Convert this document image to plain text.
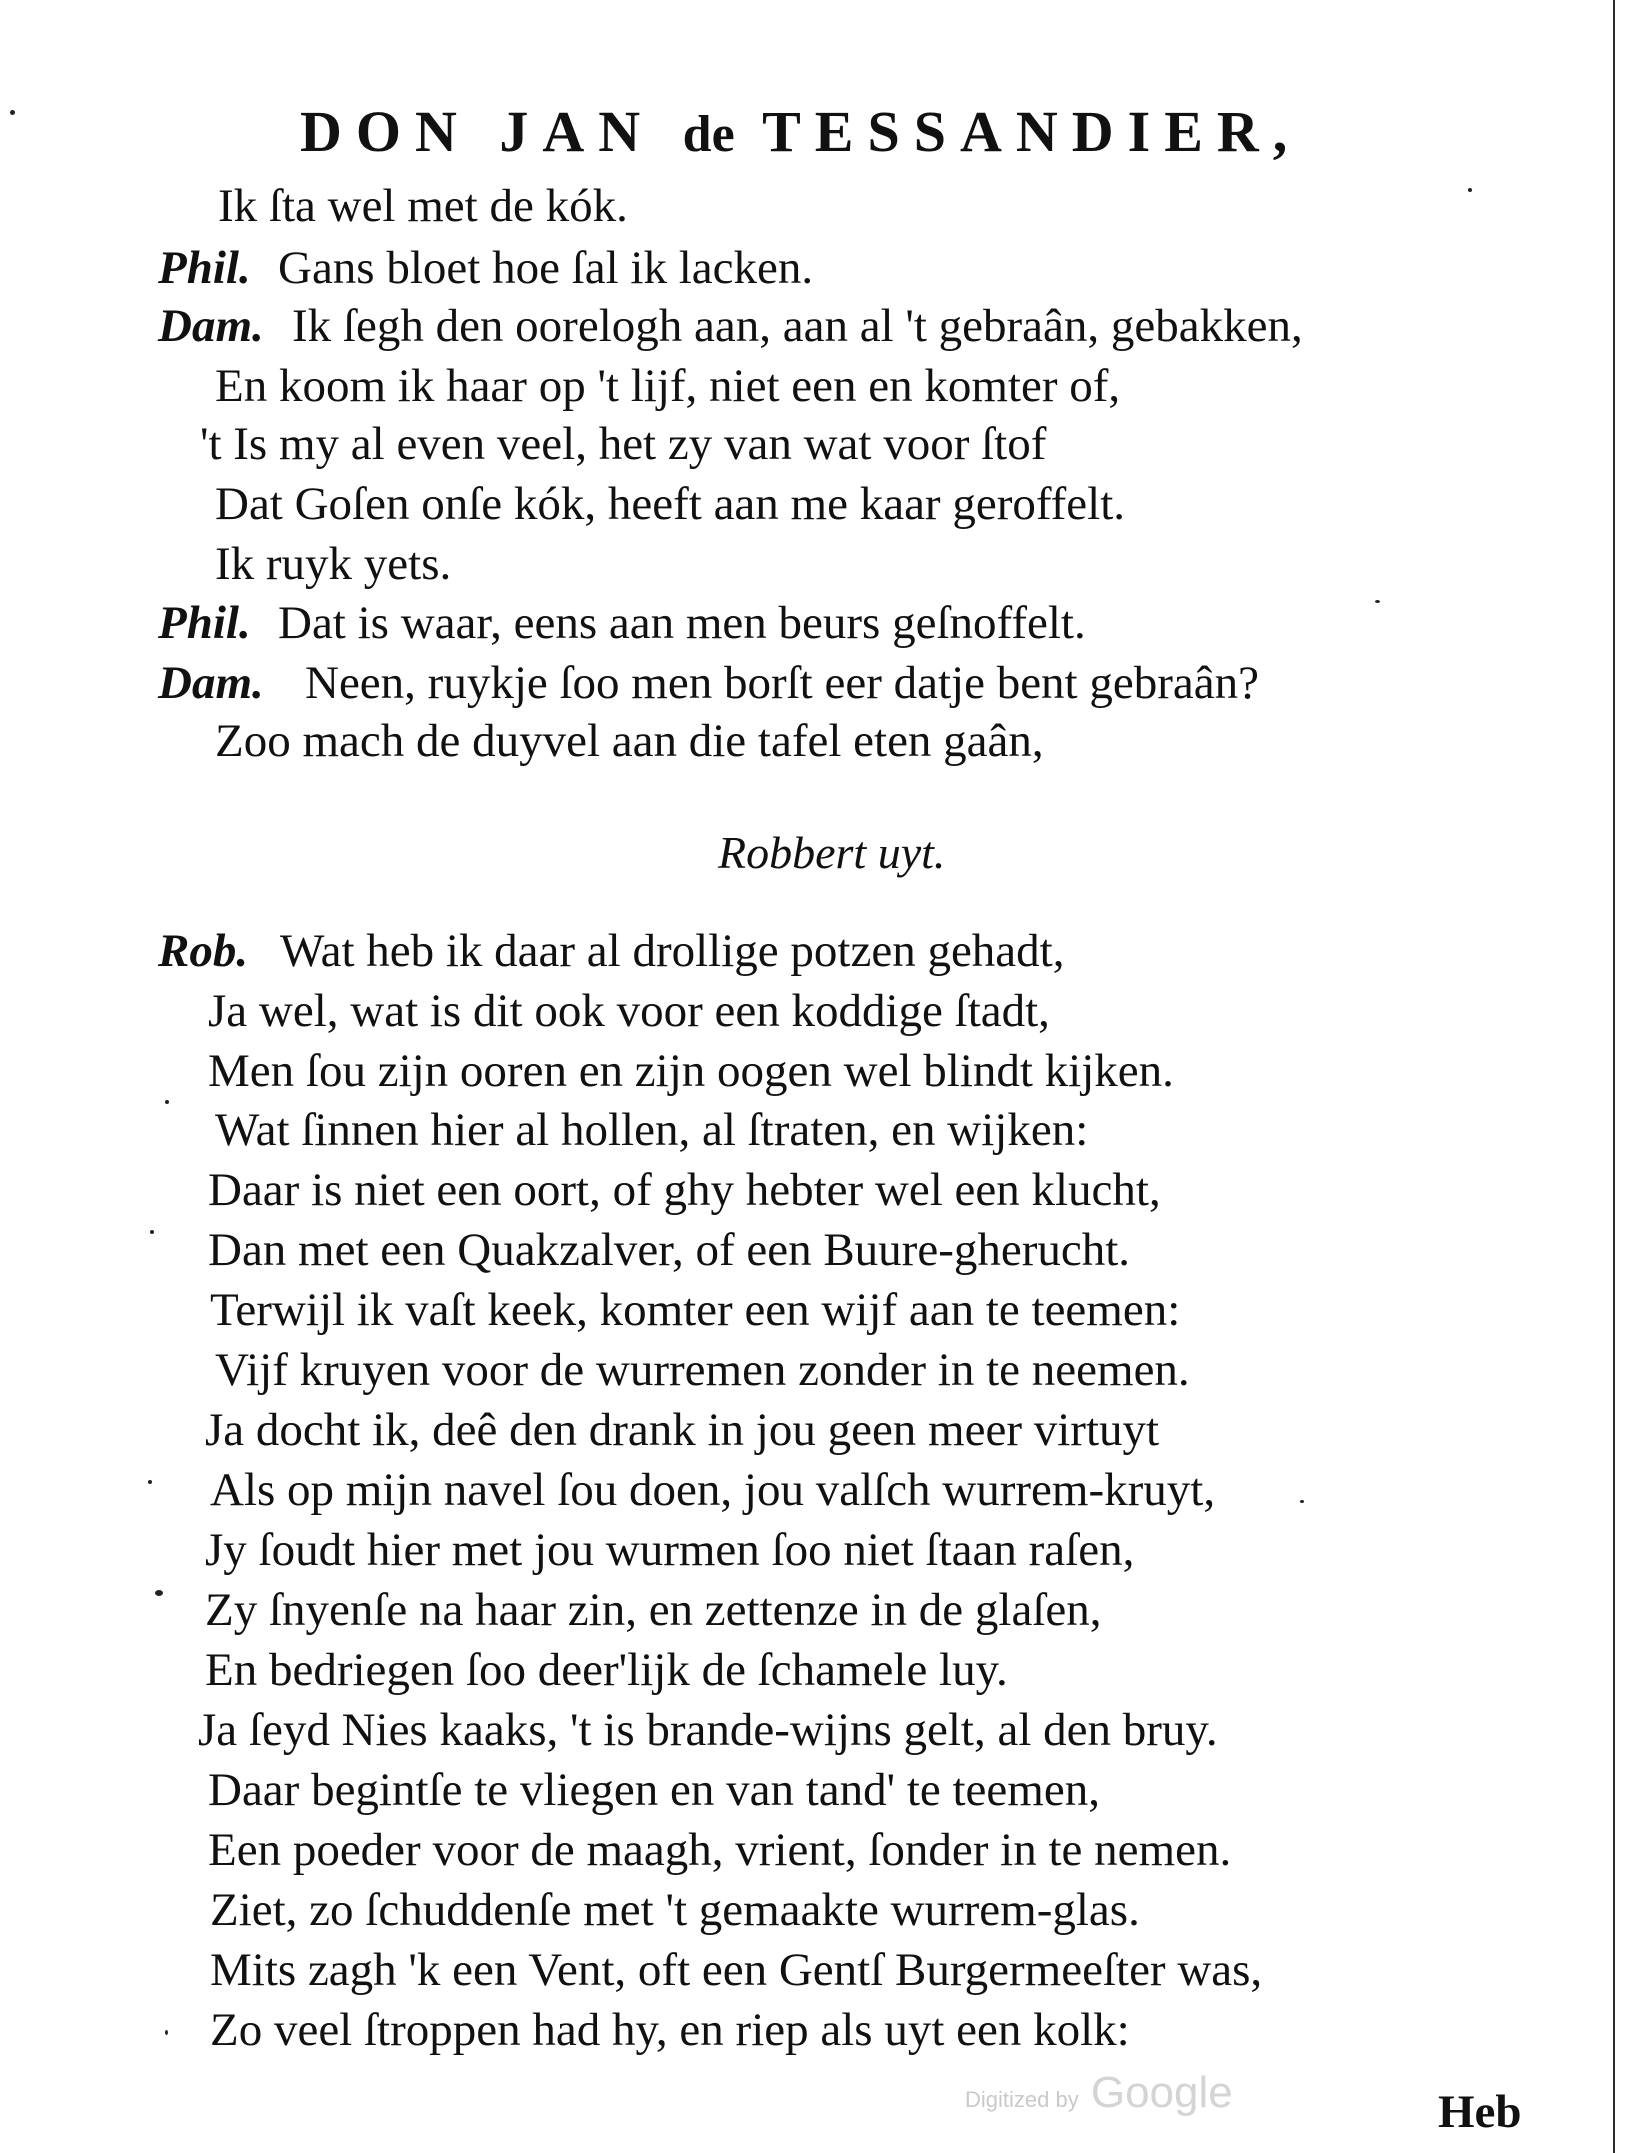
DON JAN de TESSANDIER,
Ik ſta wel met de kók.
Phil. Gans bloet hoe ſal ik lacken.
Dam. Ik ſegh den oorelogh aan, aan al 't gebraân, gebakken,
En koom ik haar op 't lijf, niet een en komter of,
't Is my al even veel, het zy van wat voor ſtof
Dat Goſen onſe kók, heeft aan me kaar geroffelt.
Ik ruyk yets.
Phil. Dat is waar, eens aan men beurs geſnoffelt.
Dam. Neen, ruykje ſoo men borſt eer datje bent gebraân?
Zoo mach de duyvel aan die tafel eten gaân,
Robbert uyt.
Rob. Wat heb ik daar al drollige potzen gehadt,
Ja wel, wat is dit ook voor een koddige ſtadt,
Men ſou zijn ooren en zijn oogen wel blindt kijken.
Wat ſinnen hier al hollen, al ſtraten, en wijken:
Daar is niet een oort, of ghy hebter wel een klucht,
Dan met een Quakzalver, of een Buure-gherucht.
Terwijl ik vaſt keek, komter een wijf aan te teemen:
Vijf kruyen voor de wurremen zonder in te neemen.
Ja docht ik, deê den drank in jou geen meer virtuyt
Als op mijn navel ſou doen, jou valſch wurrem-kruyt,
Jy ſoudt hier met jou wurmen ſoo niet ſtaan raſen,
Zy ſnyenſe na haar zin, en zettenze in de glaſen,
En bedriegen ſoo deer'lijk de ſchamele luy.
Ja ſeyd Nies kaaks, 't is brande-wijns gelt, al den bruy.
Daar begintſe te vliegen en van tand' te teemen,
Een poeder voor de maagh, vrient, ſonder in te nemen.
Ziet, zo ſchuddenſe met 't gemaakte wurrem-glas.
Mits zagh 'k een Vent, oft een Gentſ Burgermeeſter was,
Zo veel ſtroppen had hy, en riep als uyt een kolk:
Digitized by Google	Heb
